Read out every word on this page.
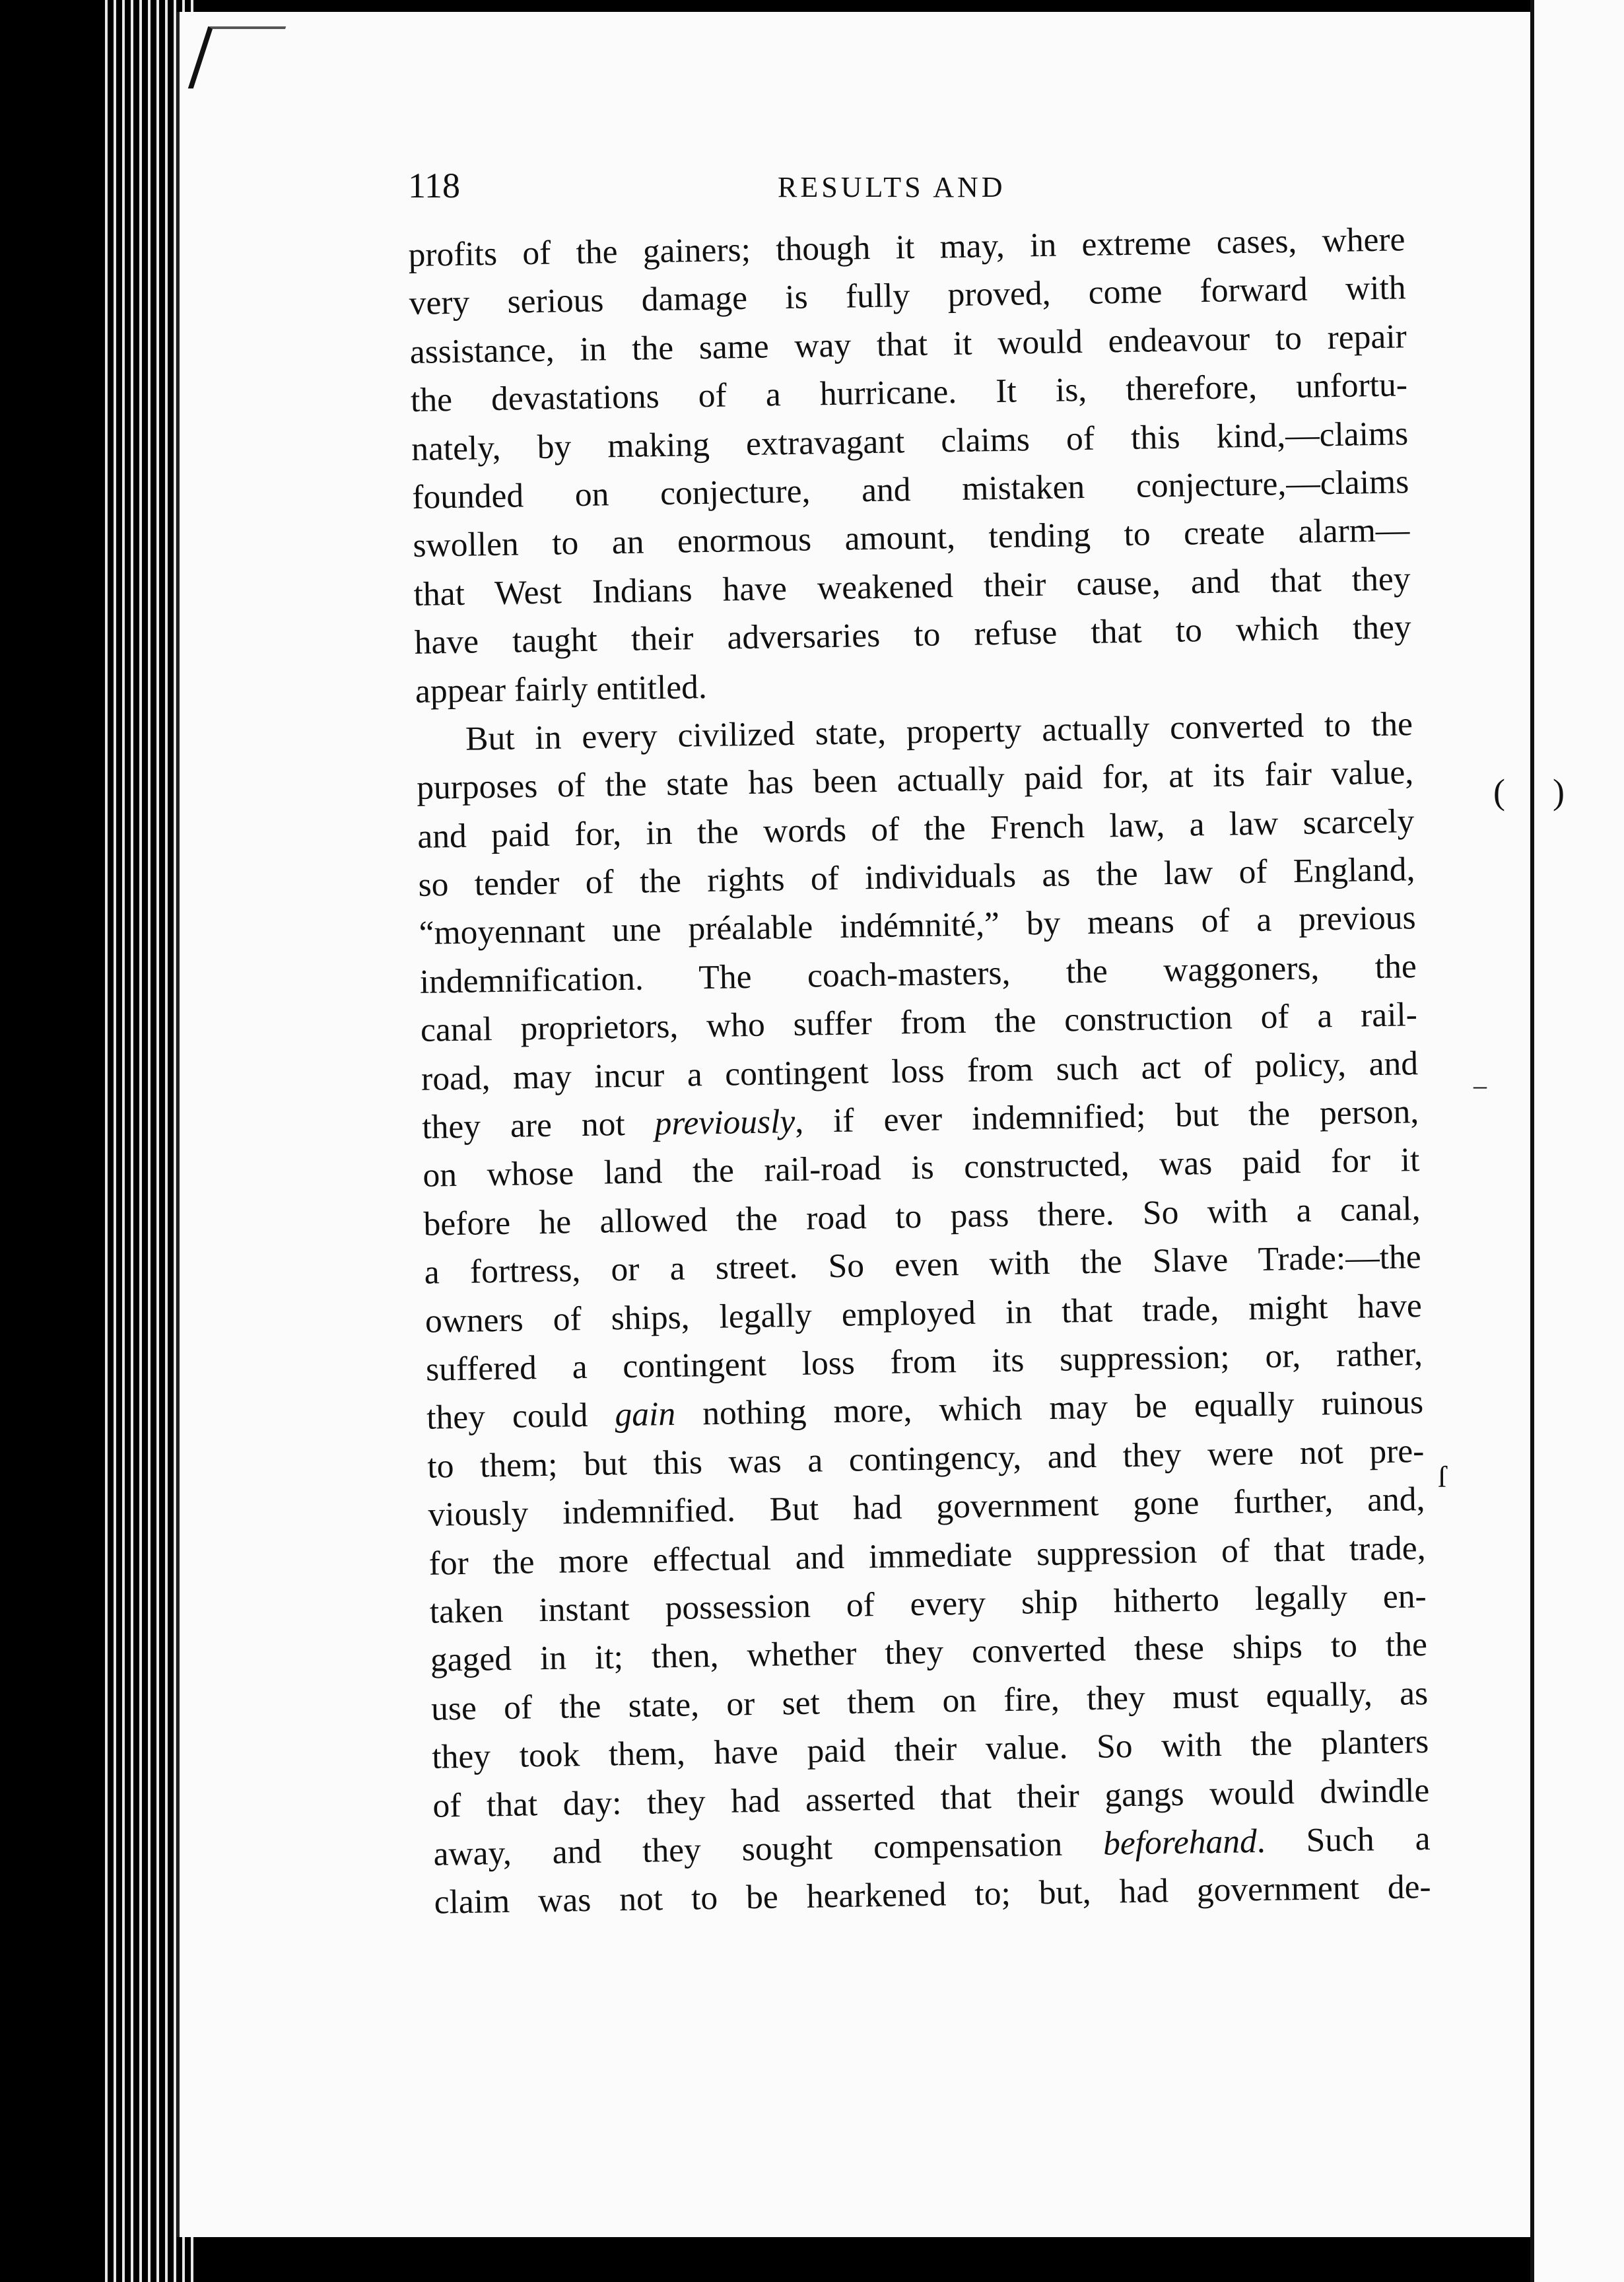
( )
‒
ſ
118	RESULTS AND
profits of the gainers; though it may, in extreme cases, where
very serious damage is fully proved, come forward with
assistance, in the same way that it would endeavour to repair
the devastations of a hurricane. It is, therefore, unfortu-
nately, by making extravagant claims of this kind,—claims
founded on conjecture, and mistaken conjecture,—claims
swollen to an enormous amount, tending to create alarm—
that West Indians have weakened their cause, and that they
have taught their adversaries to refuse that to which they
appear fairly entitled.
But in every civilized state, property actually converted to the
purposes of the state has been actually paid for, at its fair value,
and paid for, in the words of the French law, a law scarcely
so tender of the rights of individuals as the law of England,
“moyennant une préalable indémnité,” by means of a previous
indemnification. The coach-masters, the waggoners, the
canal proprietors, who suffer from the construction of a rail-
road, may incur a contingent loss from such act of policy, and
they are not previously, if ever indemnified; but the person,
on whose land the rail-road is constructed, was paid for it
before he allowed the road to pass there. So with a canal,
a fortress, or a street. So even with the Slave Trade:—the
owners of ships, legally employed in that trade, might have
suffered a contingent loss from its suppression; or, rather,
they could gain nothing more, which may be equally ruinous
to them; but this was a contingency, and they were not pre-
viously indemnified. But had government gone further, and,
for the more effectual and immediate suppression of that trade,
taken instant possession of every ship hitherto legally en-
gaged in it; then, whether they converted these ships to the
use of the state, or set them on fire, they must equally, as
they took them, have paid their value. So with the planters
of that day: they had asserted that their gangs would dwindle
away, and they sought compensation beforehand. Such a
claim was not to be hearkened to; but, had government de-
